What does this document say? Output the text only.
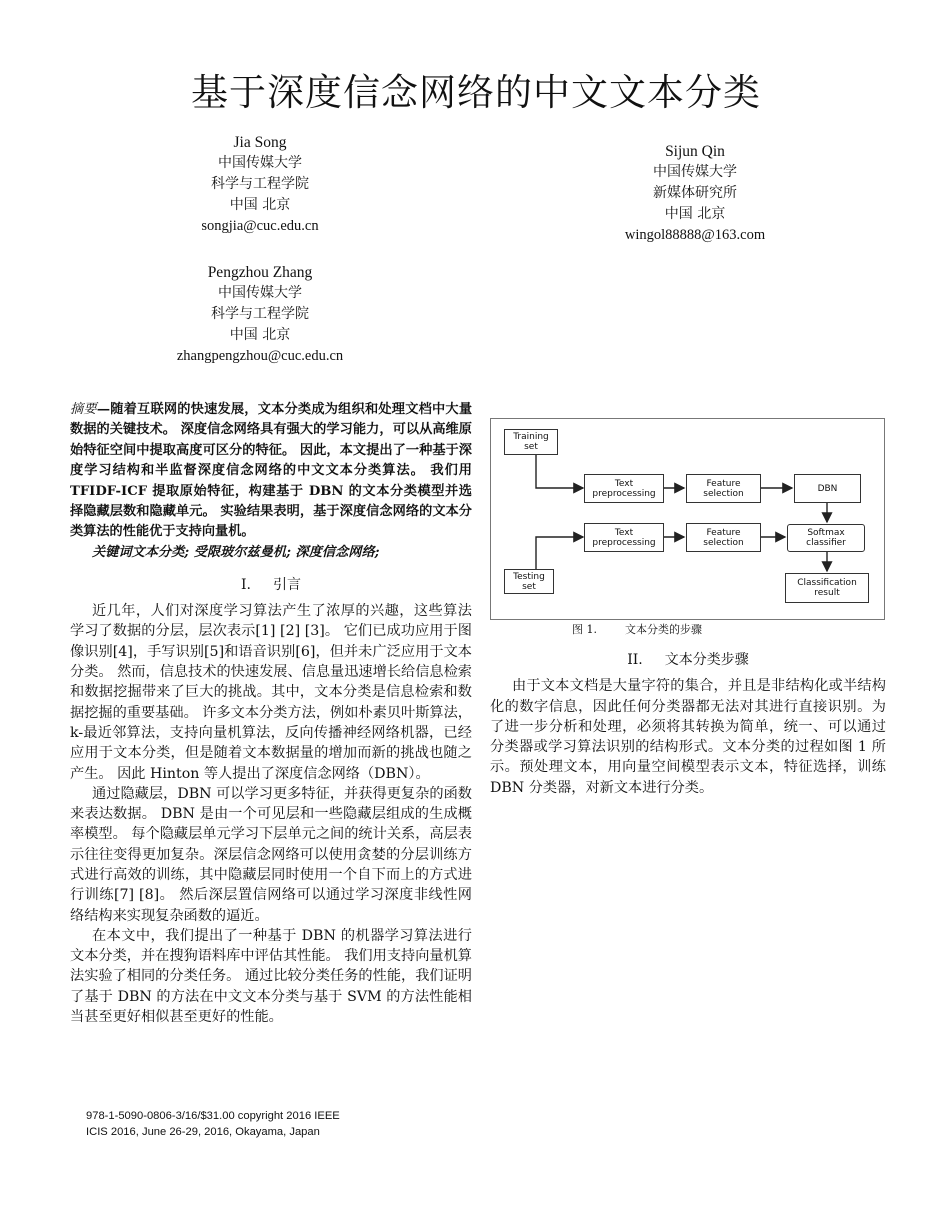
基于深度信念网络的中文文本分类
Jia Song
中国传媒大学
科学与工程学院
中国 北京
songjia@cuc.edu.cn
Sijun Qin
中国传媒大学
新媒体研究所
中国 北京
wingol88888@163.com
Pengzhou Zhang
中国传媒大学
科学与工程学院
中国 北京
zhangpengzhou@cuc.edu.cn
摘要—随着互联网的快速发展，文本分类成为组织和处理文档中大量数据的关键技术。 深度信念网络具有强大的学习能力，可以从高维原始特征空间中提取高度可区分的特征。 因此，本文提出了一种基于深度学习结构和半监督深度信念网络的中文文本分类算法。 我们用 TFIDF-ICF 提取原始特征，构建基于 DBN 的文本分类模型并选择隐藏层数和隐藏单元。 实验结果表明，基于深度信念网络的文本分类算法的性能优于支持向量机。
关键词文本分类; 受限玻尔兹曼机; 深度信念网络;
I. 引言

近几年，人们对深度学习算法产生了浓厚的兴趣，这些算法学习了数据的分层，层次表示[1] [2] [3]。 它们已成功应用于图像识别[4]，手写识别[5]和语音识别[6]，但并未广泛应用于文本分类。 然而，信息技术的快速发展、信息量迅速增长给信息检索和数据挖掘带来了巨大的挑战。其中，文本分类是信息检索和数据挖掘的重要基础。 许多文本分类方法，例如朴素贝叶斯算法，k-最近邻算法，支持向量机算法，反向传播神经网络机器，已经应用于文本分类，但是随着文本数据量的增加而新的挑战也随之产生。 因此 Hinton 等人提出了深度信念网络（DBN）。

通过隐藏层，DBN 可以学习更多特征，并获得更复杂的函数来表达数据。 DBN 是由一个可见层和一些隐藏层组成的生成概率模型。 每个隐藏层单元学习下层单元之间的统计关系，高层表示往往变得更加复杂。深层信念网络可以使用贪婪的分层训练方式进行高效的训练，其中隐藏层同时使用一个自下而上的方式进行训练[7] [8]。 然后深层置信网络可以通过学习深度非线性网络结构来实现复杂函数的逼近。

在本文中，我们提出了一种基于 DBN 的机器学习算法进行文本分类，并在搜狗语料库中评估其性能。 我们用支持向量机算法实验了相同的分类任务。 通过比较分类任务的性能，我们证明了基于 DBN 的方法在中文文本分类与基于 SVM 的方法性能相当甚至更好相似甚至更好的性能。

Training set
Text preprocessing
Feature selection	DBN
Text preprocessing
Feature selection
Softmax classifier
Testing set	Classification result
图 1.	文本分类的步骤
II. 文本分类步骤

由于文本文档是大量字符的集合，并且是非结构化或半结构化的数字信息，因此任何分类器都无法对其进行直接识别。为了进一步分析和处理，必须将其转换为简单，统一、可以通过分类器或学习算法识别的结构形式。文本分类的过程如图 1 所示。预处理文本，用向量空间模型表示文本，特征选择，训练 DBN 分类器，对新文本进行分类。

978-1-5090-0806-3/16/$31.00 copyright 2016 IEEE
ICIS 2016, June 26-29, 2016, Okayama, Japan
